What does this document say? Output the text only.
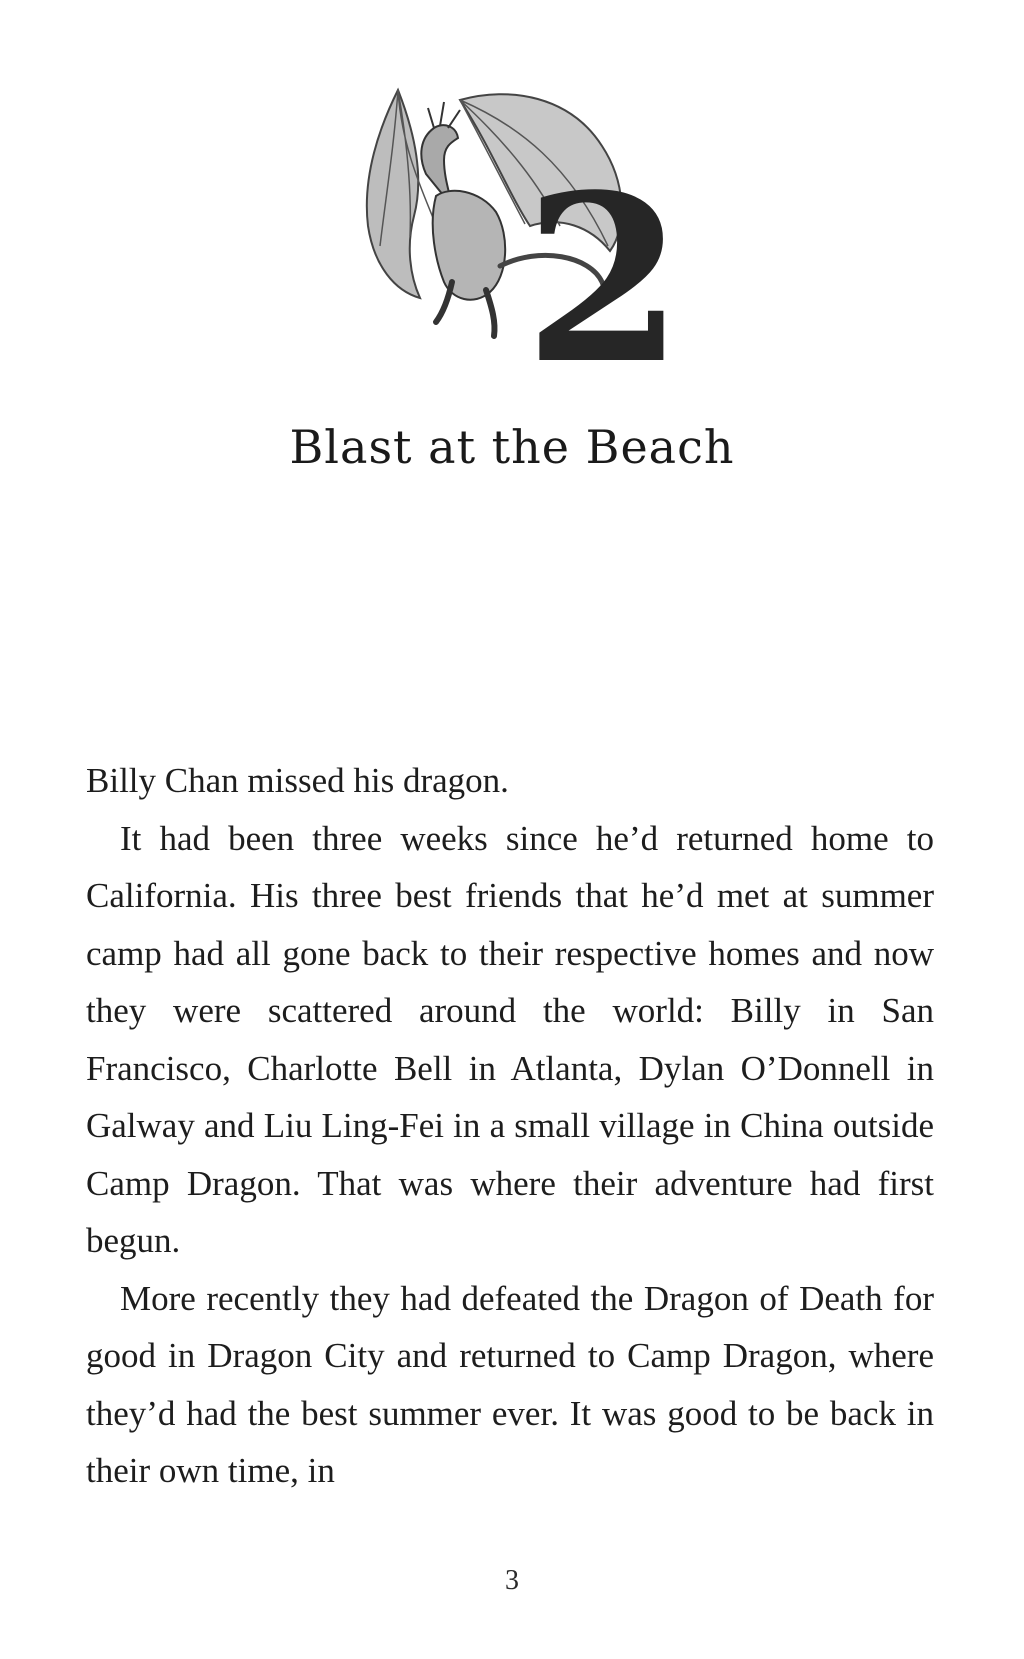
2
Blast at the Beach

Billy Chan missed his dragon.

It had been three weeks since he’d returned home to California. His three best friends that he’d met at summer camp had all gone back to their respective homes and now they were scattered around the world: Billy in San Francisco, Charlotte Bell in Atlanta, Dylan O’Donnell in Galway and Liu Ling-Fei in a small village in China outside Camp Dragon. That was where their adventure had first begun.

More recently they had defeated the Dragon of Death for good in Dragon City and returned to Camp Dragon, where they’d had the best summer ever. It was good to be back in their own time, in

3
